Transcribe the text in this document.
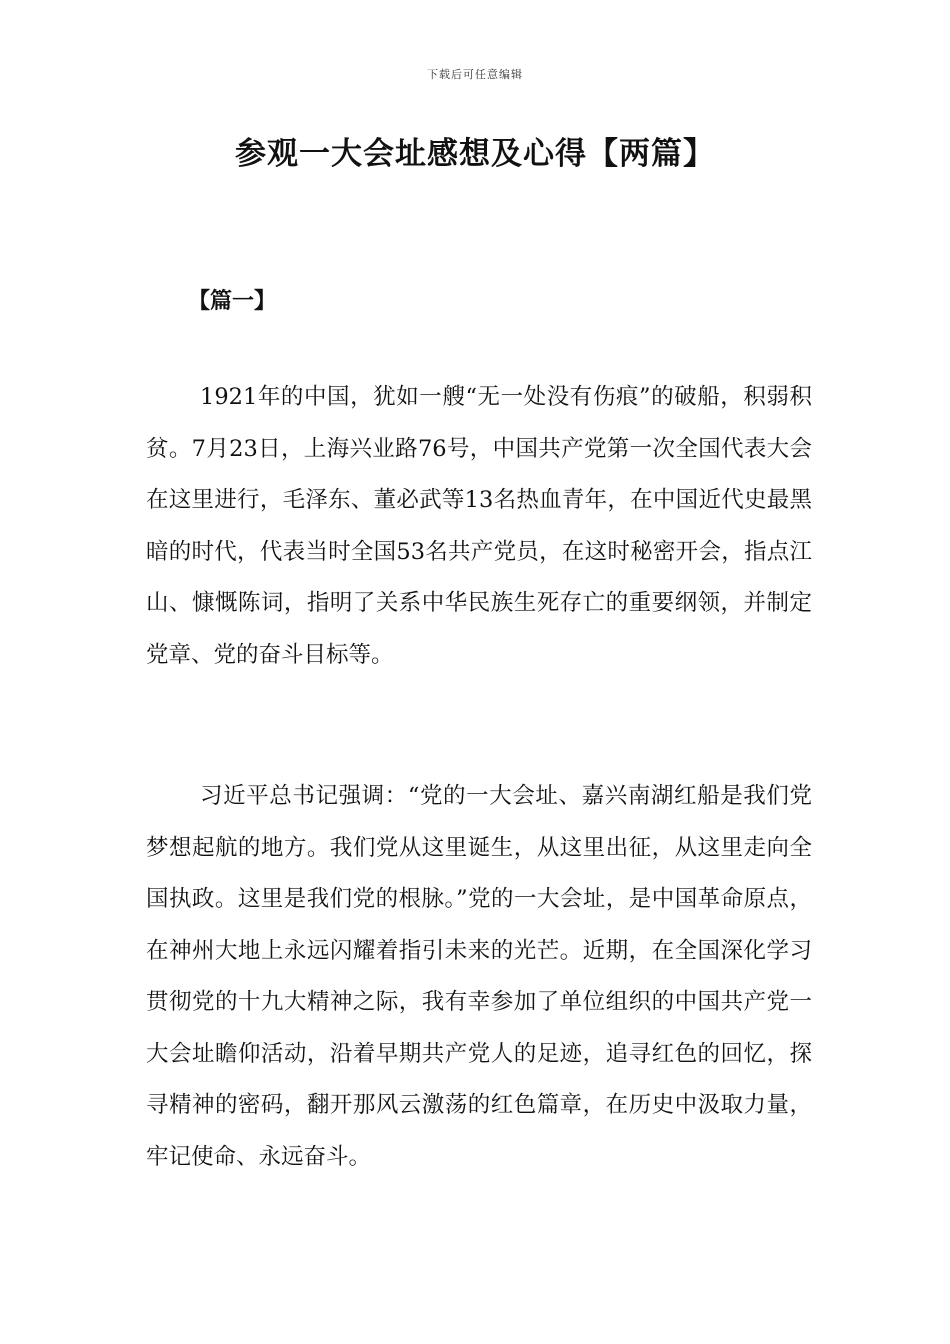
下载后可任意编辑
参观一大会址感想及心得【两篇】
【篇一】

1921年的中国，犹如一艘“无一处没有伤痕”的破船，积弱积贫。7月23日，上海兴业路76号，中国共产党第一次全国代表大会在这里进行，毛泽东、董必武等13名热血青年，在中国近代史最黑暗的时代，代表当时全国53名共产党员，在这时秘密开会，指点江山、慷慨陈词，指明了关系中华民族生死存亡的重要纲领，并制定党章、党的奋斗目标等。

习近平总书记强调：“党的一大会址、嘉兴南湖红船是我们党梦想起航的地方。我们党从这里诞生，从这里出征，从这里走向全国执政。这里是我们党的根脉。”党的一大会址，是中国革命原点，在神州大地上永远闪耀着指引未来的光芒。近期，在全国深化学习贯彻党的十九大精神之际，我有幸参加了单位组织的中国共产党一大会址瞻仰活动，沿着早期共产党人的足迹，追寻红色的回忆，探寻精神的密码，翻开那风云激荡的红色篇章，在历史中汲取力量，牢记使命、永远奋斗。
